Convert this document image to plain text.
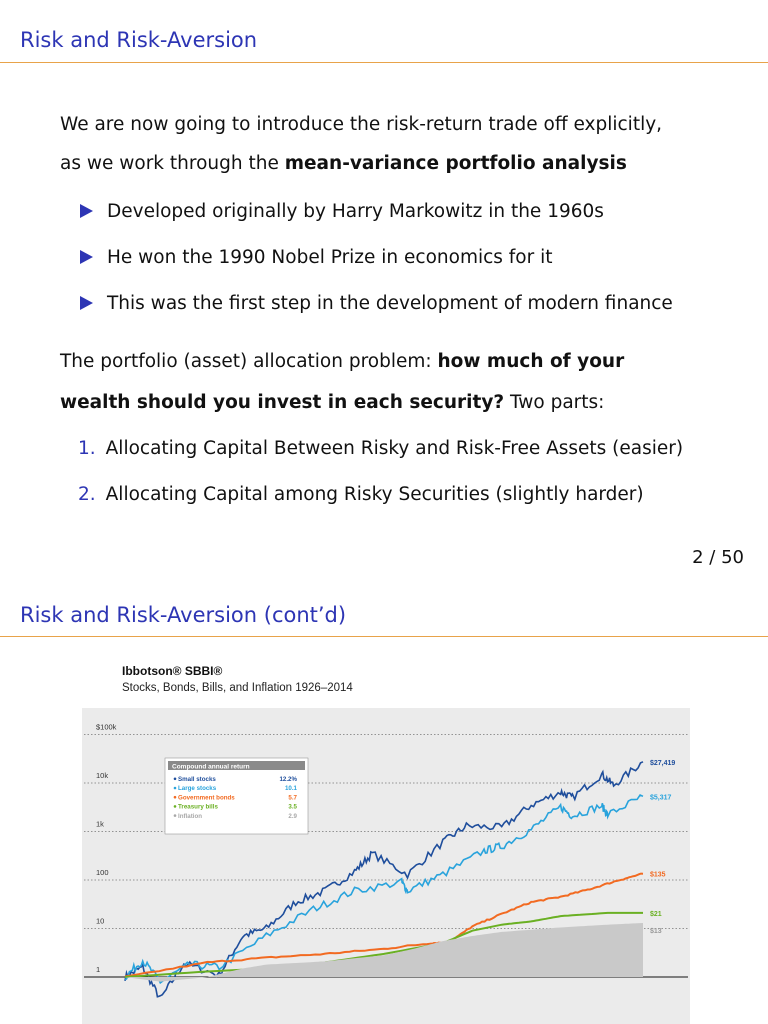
Risk and Risk-Aversion
We are now going to introduce the risk-return trade off explicitly,
as we work through the mean-variance portfolio analysis
Developed originally by Harry Markowitz in the 1960s
He won the 1990 Nobel Prize in economics for it
This was the first step in the development of modern finance
The portfolio (asset) allocation problem: how much of your
wealth should you invest in each security? Two parts:
1. Allocating Capital Between Risky and Risk-Free Assets (easier)
2. Allocating Capital among Risky Securities (slightly harder)
2 / 50
Risk and Risk-Aversion (cont’d)
Ibbotson® SBBI®
Stocks, Bonds, Bills, and Inflation 1926–2014
$100k
10k
1k
100
10
1
Compound annual return
Small stocks	12.2%
Large stocks	10.1
Government bonds	5.7
Treasury bills	3.5
Inflation	2.9
$27,419
$5,317
$135
$21
$13
